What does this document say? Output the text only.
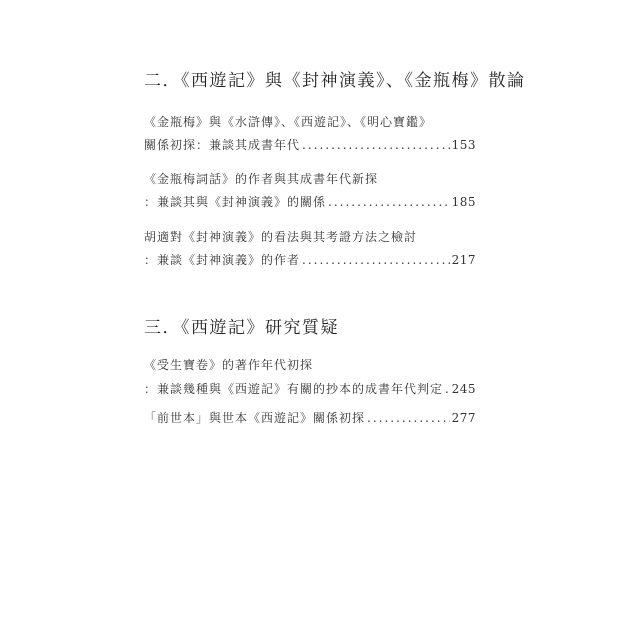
二．《西遊記》與《封神演義》、《金瓶梅》散論
《金瓶梅》與《水滸傳》、《西遊記》、《明心寶鑑》
關係初探：兼談其成書年代 .....	153
《金瓶梅詞話》的作者與其成書年代新探
：兼談其與《封神演義》的關係 .....	185
胡適對《封神演義》的看法與其考證方法之檢討
：兼談《封神演義》的作者 .....	217
三．《西遊記》研究質疑
《受生寶卷》的著作年代初探
：兼談幾種與《西遊記》有關的抄本的成書年代判定 ..... 245
「前世本」與世本《西遊記》關係初探 .....	277
